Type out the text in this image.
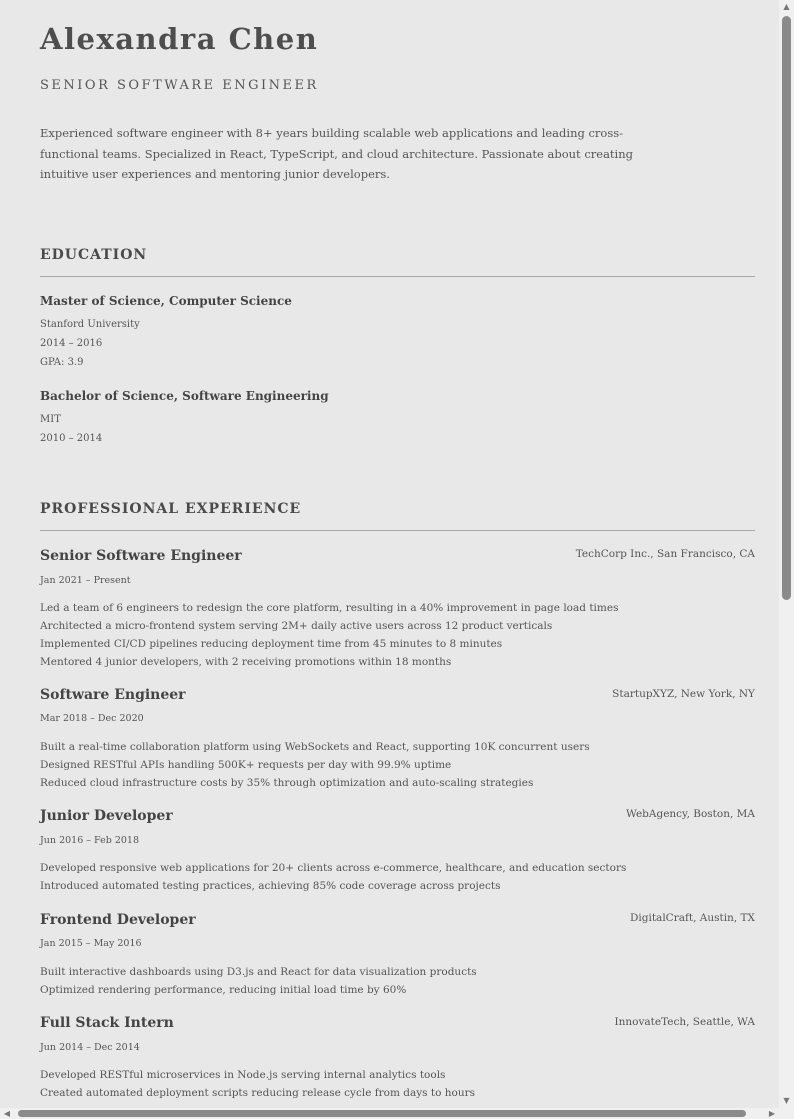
Alexandra Chen
SENIOR SOFTWARE ENGINEER
Experienced software engineer with 8+ years building scalable web applications and leading cross-functional teams. Specialized in React, TypeScript, and cloud architecture. Passionate about creating intuitive user experiences and mentoring junior developers.
EDUCATION
Master of Science, Computer Science
Stanford University
2014 – 2016
GPA: 3.9
Bachelor of Science, Software Engineering
MIT
2010 – 2014
PROFESSIONAL EXPERIENCE
Senior Software Engineer	TechCorp Inc., San Francisco, CA
Jan 2021 – Present
Led a team of 6 engineers to redesign the core platform, resulting in a 40% improvement in page load times
Architected a micro-frontend system serving 2M+ daily active users across 12 product verticals
Implemented CI/CD pipelines reducing deployment time from 45 minutes to 8 minutes
Mentored 4 junior developers, with 2 receiving promotions within 18 months
Software Engineer	StartupXYZ, New York, NY
Mar 2018 – Dec 2020
Built a real-time collaboration platform using WebSockets and React, supporting 10K concurrent users
Designed RESTful APIs handling 500K+ requests per day with 99.9% uptime
Reduced cloud infrastructure costs by 35% through optimization and auto-scaling strategies
Junior Developer	WebAgency, Boston, MA
Jun 2016 – Feb 2018
Developed responsive web applications for 20+ clients across e-commerce, healthcare, and education sectors
Introduced automated testing practices, achieving 85% code coverage across projects
Frontend Developer	DigitalCraft, Austin, TX
Jan 2015 – May 2016
Built interactive dashboards using D3.js and React for data visualization products
Optimized rendering performance, reducing initial load time by 60%
Full Stack Intern	InnovateTech, Seattle, WA
Jun 2014 – Dec 2014
Developed RESTful microservices in Node.js serving internal analytics tools
Created automated deployment scripts reducing release cycle from days to hours
▲
▼
◀	▶
